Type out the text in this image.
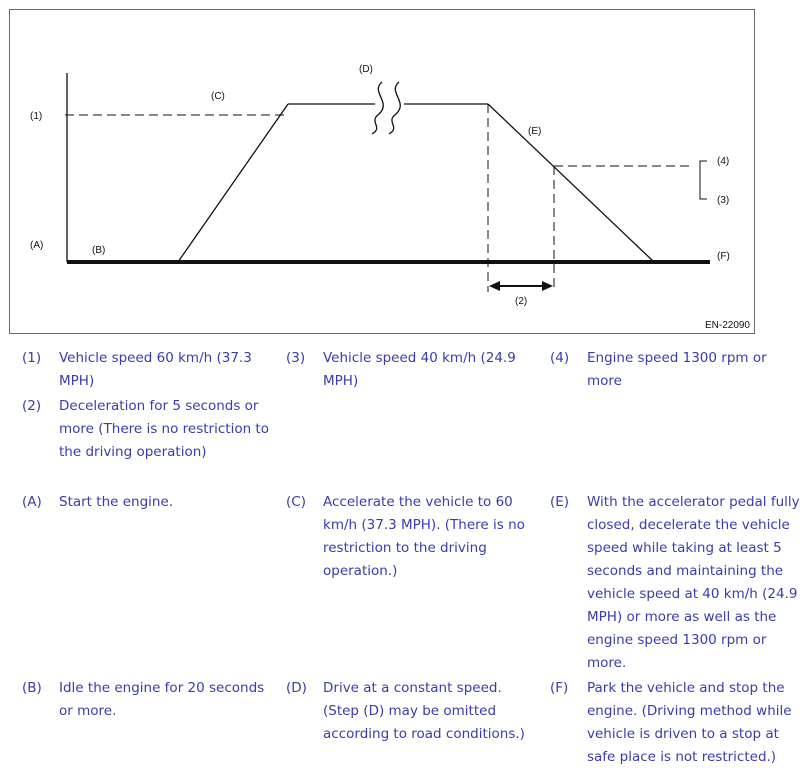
(1)
(A)	(B)
(C)
(D)
(E)
(4)
(3)
(F)
(2)
EN-22090
(1) Vehicle speed 60 km/h (37.3 MPH)
(3) Vehicle speed 40 km/h (24.9 MPH)
(4) Engine speed 1300 rpm or more
(2) Deceleration for 5 seconds or more (There is no restriction to the driving operation)
(A) Start the engine.	(C) Accelerate the vehicle to 60 km/h (37.3 MPH). (There is no restriction to the driving operation.)
(E) With the accelerator pedal fully closed, decelerate the vehicle speed while taking at least 5 seconds and maintaining the vehicle speed at 40 km/h (24.9 MPH) or more as well as the engine speed 1300 rpm or more.
(B) Idle the engine for 20 seconds or more.
(D) Drive at a constant speed. (Step (D) may be omitted according to road conditions.)
(F) Park the vehicle and stop the engine. (Driving method while vehicle is driven to a stop at safe place is not restricted.)
